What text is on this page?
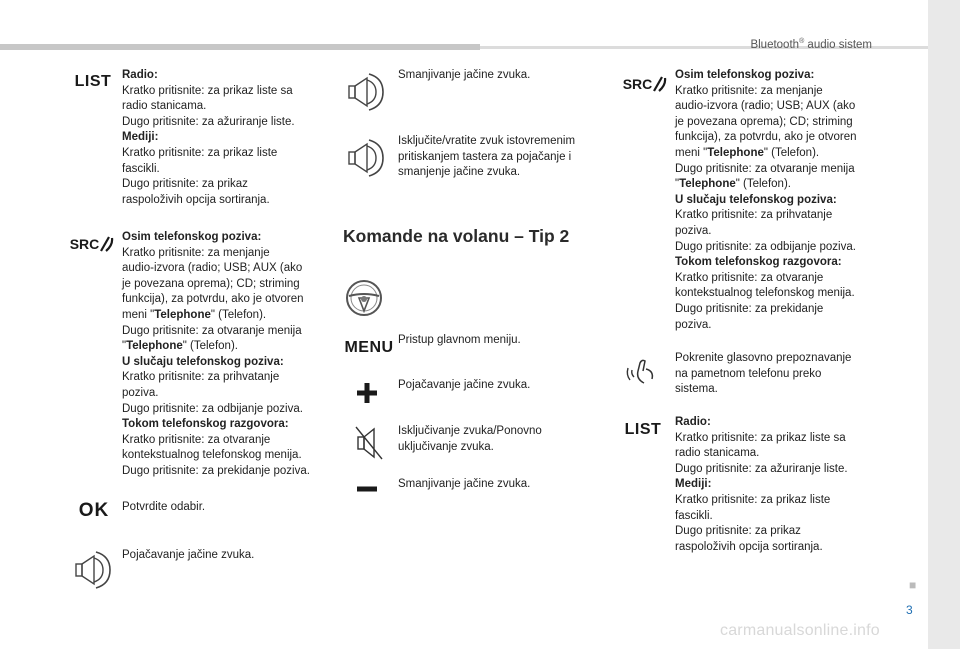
Bluetooth® audio sistem
■
3
carmanualsonline.info
LIST Radio:
Kratko pritisnite: za prikaz liste sa
radio stanicama.
Dugo pritisnite: za ažuriranje liste.
Mediji:
Kratko pritisnite: za prikaz liste
fascikli.
Dugo pritisnite: za prikaz
raspoloživih opcija sortiranja.
SRC Osim telefonskog poziva:
Kratko pritisnite: za menjanje
audio-izvora (radio; USB; AUX (ako
je povezana oprema); CD; striming
funkcija), za potvrdu, ako je otvoren
meni "Telephone" (Telefon).
Dugo pritisnite: za otvaranje menija
"Telephone" (Telefon).
U slučaju telefonskog poziva:
Kratko pritisnite: za prihvatanje
poziva.
Dugo pritisnite: za odbijanje poziva.
Tokom telefonskog razgovora:
Kratko pritisnite: za otvaranje
kontekstualnog telefonskog menija.
Dugo pritisnite: za prekidanje poziva.
OK	Potvrdite odabir.
Pojačavanje jačine zvuka.
Smanjivanje jačine zvuka.
Isključite/vratite zvuk istovremenim
pritiskanjem tastera za pojačanje i
smanjenje jačine zvuka.
Komande na volanu – Tip 2
MENU Pristup glavnom meniju.
Pojačavanje jačine zvuka.
Isključivanje zvuka/Ponovno
uključivanje zvuka.
Smanjivanje jačine zvuka.
SRC
Osim telefonskog poziva:
Kratko pritisnite: za menjanje
audio-izvora (radio; USB; AUX (ako
je povezana oprema); CD; striming
funkcija), za potvrdu, ako je otvoren
meni "Telephone" (Telefon).
Dugo pritisnite: za otvaranje menija
"Telephone" (Telefon).
U slučaju telefonskog poziva:
Kratko pritisnite: za prihvatanje
poziva.
Dugo pritisnite: za odbijanje poziva.
Tokom telefonskog razgovora:
Kratko pritisnite: za otvaranje
kontekstualnog telefonskog menija.
Dugo pritisnite: za prekidanje
poziva.
Pokrenite glasovno prepoznavanje
na pametnom telefonu preko
sistema.
LIST	Radio:
Kratko pritisnite: za prikaz liste sa
radio stanicama.
Dugo pritisnite: za ažuriranje liste.
Mediji:
Kratko pritisnite: za prikaz liste
fascikli.
Dugo pritisnite: za prikaz
raspoloživih opcija sortiranja.
